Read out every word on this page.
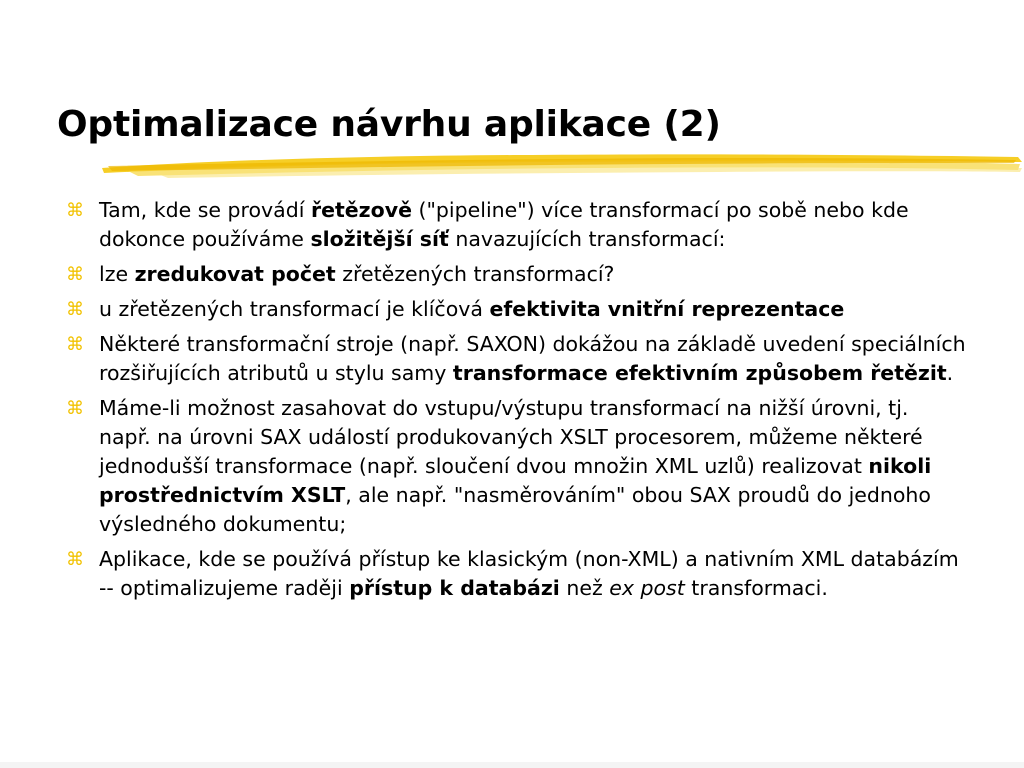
Optimalizace návrhu aplikace (2)
⌘ Tam, kde se provádí řetězově ("pipeline") více transformací po sobě nebo kde dokonce používáme složitější síť navazujících transformací:
⌘ lze zredukovat počet zřetězených transformací?
⌘ u zřetězených transformací je klíčová efektivita vnitřní reprezentace
⌘ Některé transformační stroje (např. SAXON) dokážou na základě uvedení speciálních rozšiřujících atributů u stylu samy transformace efektivním způsobem řetězit.
⌘ Máme-li možnost zasahovat do vstupu/výstupu transformací na nižší úrovni, tj. např. na úrovni SAX událostí produkovaných XSLT procesorem, můžeme některé jednodušší transformace (např. sloučení dvou množin XML uzlů) realizovat nikoli prostřednictvím XSLT, ale např. "nasměrováním" obou SAX proudů do jednoho výsledného dokumentu;
⌘ Aplikace, kde se používá přístup ke klasickým (non-XML) a nativním XML databázím -- optimalizujeme raději přístup k databázi než ex post transformaci.
